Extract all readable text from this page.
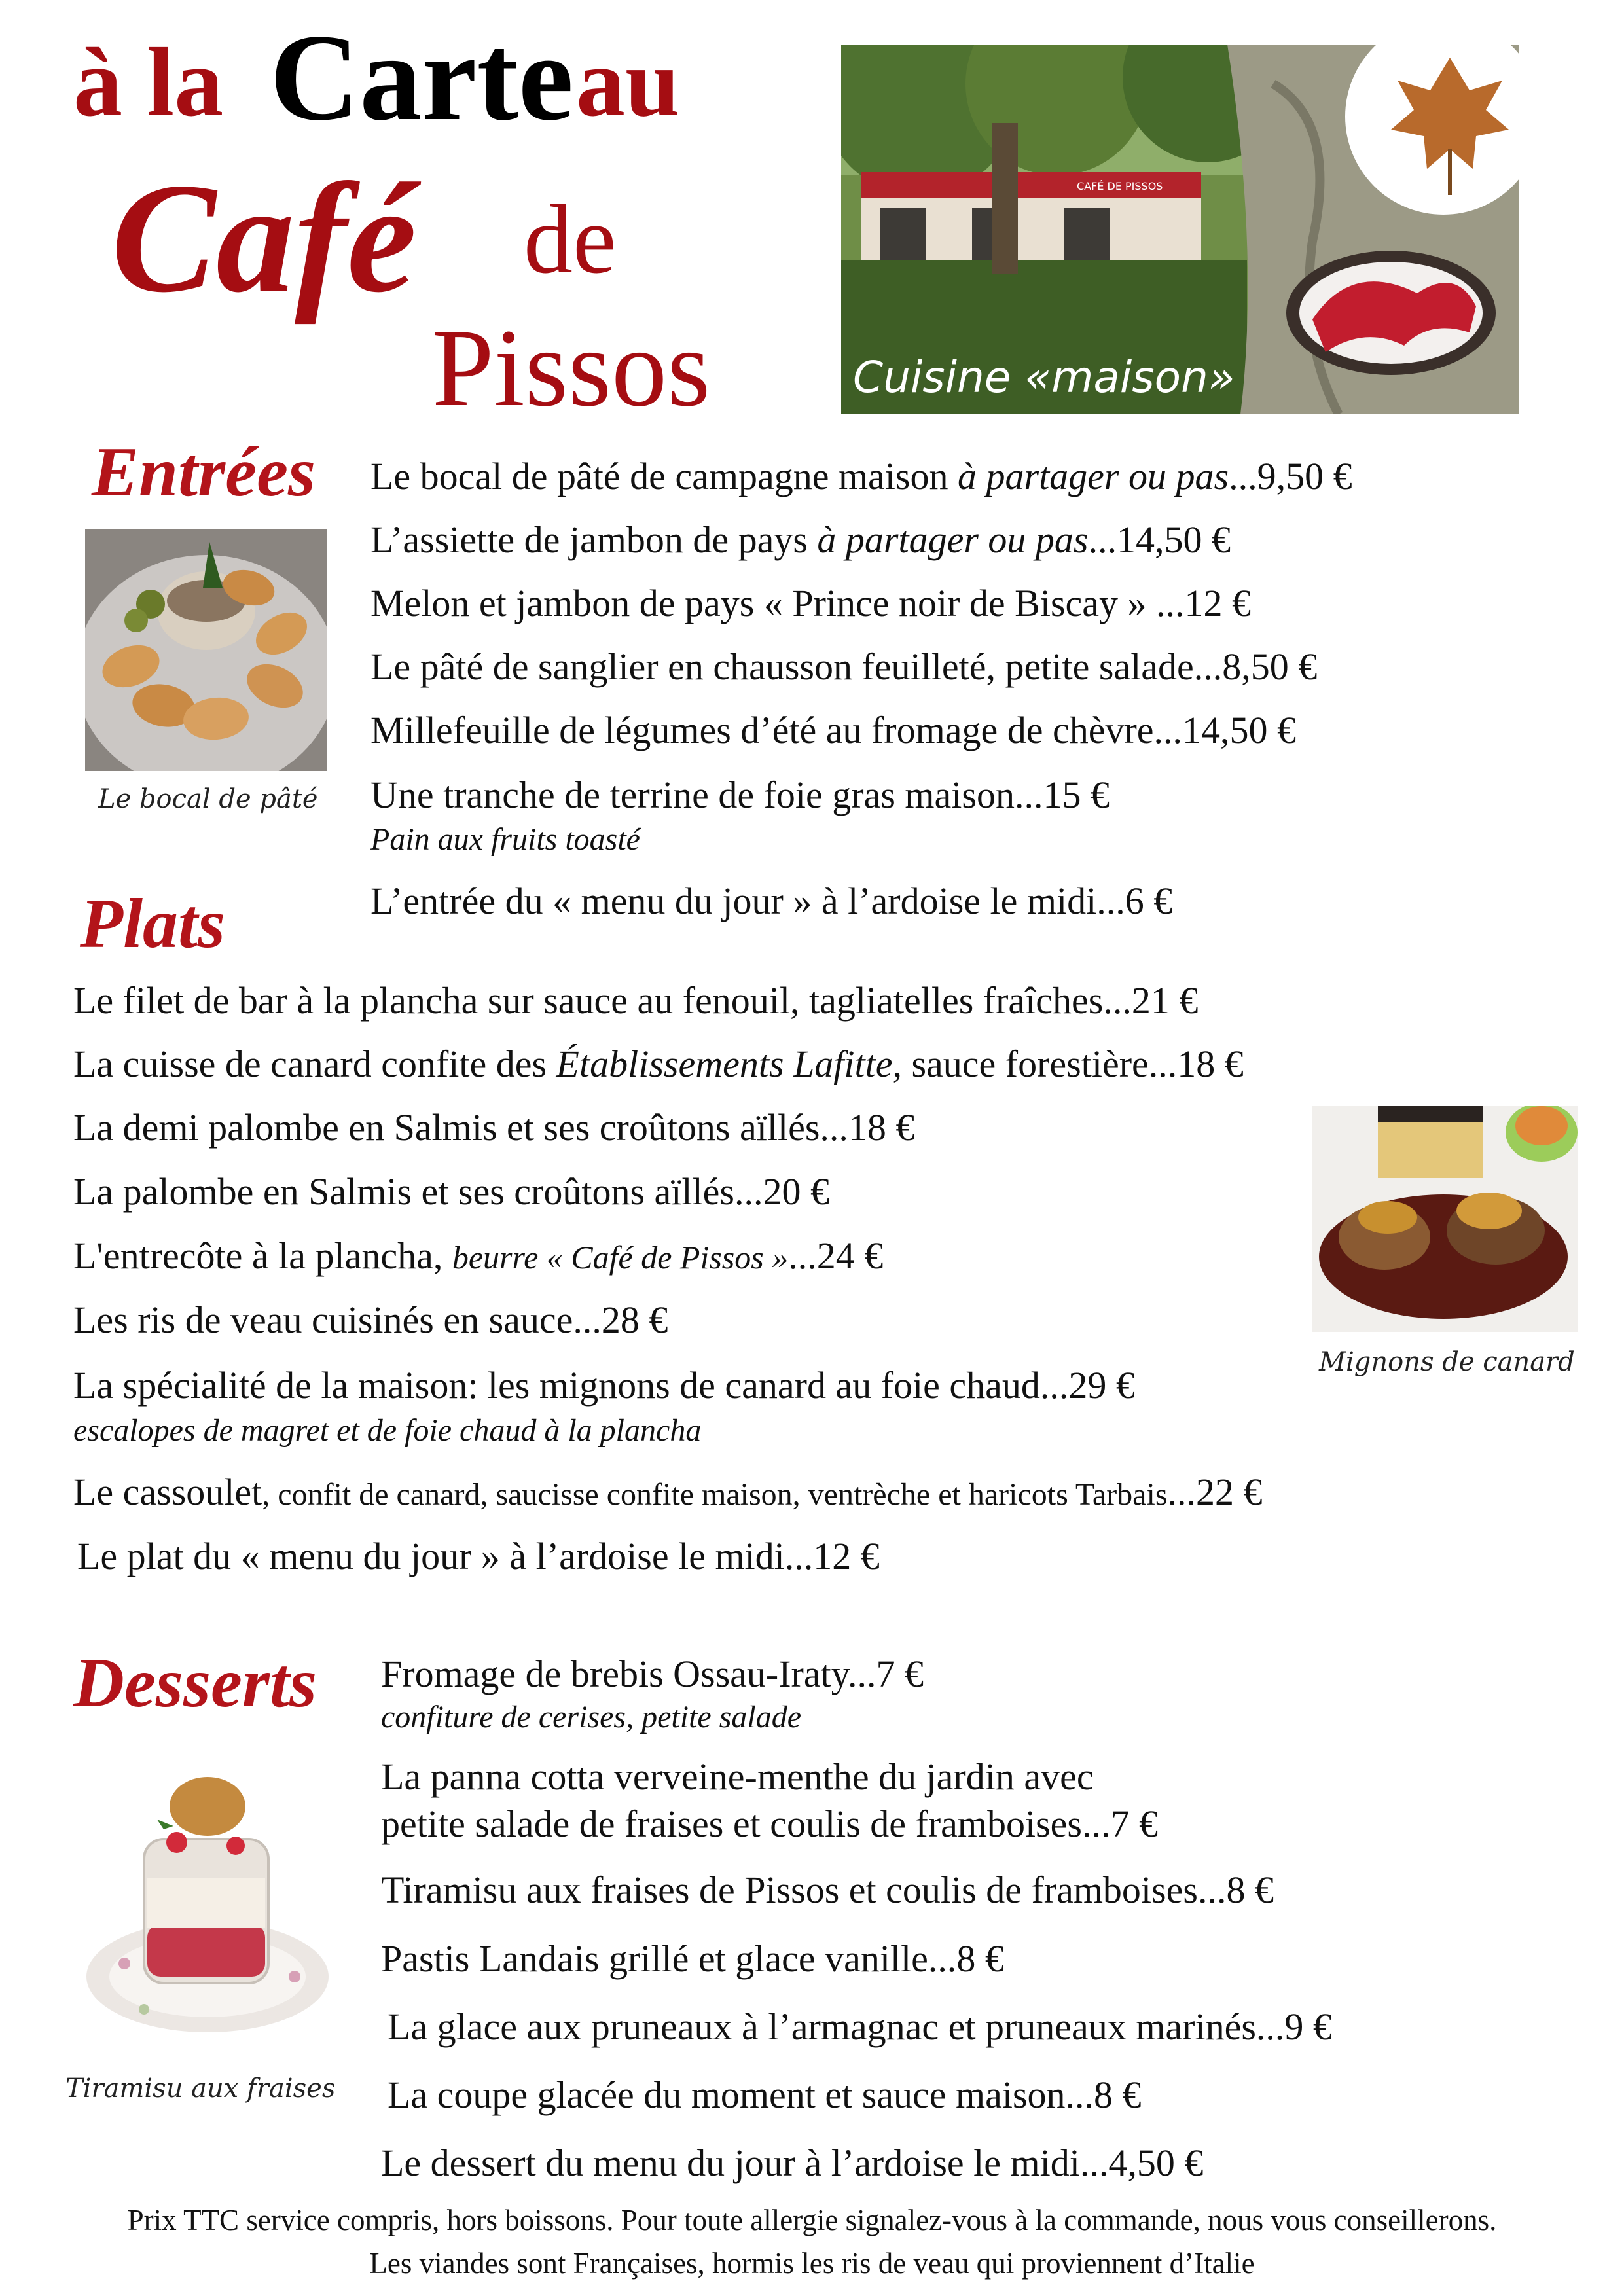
à la Carte au
Café de
Pissos
CAFÉ DE PISSOS
Cuisine «maison»
Entrées
Le bocal de pâté
Le bocal de pâté de campagne maison à partager ou pas...9,50 €
L’assiette de jambon de pays à partager ou pas...14,50 €
Melon et jambon de pays « Prince noir de Biscay » ...12 €
Le pâté de sanglier en chausson feuilleté, petite salade...8,50 €
Millefeuille de légumes d’été au fromage de chèvre...14,50 €
Une tranche de terrine de foie gras maison...15 €
Pain aux fruits toasté
L’entrée du « menu du jour » à l’ardoise le midi...6 €
Plats
Le filet de bar à la plancha sur sauce au fenouil, tagliatelles fraîches...21 €
La cuisse de canard confite des Établissements Lafitte, sauce forestière...18 €
La demi palombe en Salmis et ses croûtons aïllés...18 €
La palombe en Salmis et ses croûtons aïllés...20 €
L'entrecôte à la plancha, beurre « Café de Pissos »...24 €
Les ris de veau cuisinés en sauce...28 €
La spécialité de la maison: les mignons de canard au foie chaud...29 €
escalopes de magret et de foie chaud à la plancha
Le cassoulet, confit de canard, saucisse confite maison, ventrèche et haricots Tarbais...22 €
Le plat du « menu du jour » à l’ardoise le midi...12 €
Mignons de canard
Desserts
Tiramisu aux fraises
Fromage de brebis Ossau-Iraty...7 €
confiture de cerises, petite salade
La panna cotta verveine-menthe du jardin avec
petite salade de fraises et coulis de framboises...7 €
Tiramisu aux fraises de Pissos et coulis de framboises...8 €
Pastis Landais grillé et glace vanille...8 €
La glace aux pruneaux à l’armagnac et pruneaux marinés...9 €
La coupe glacée du moment et sauce maison...8 €
Le dessert du menu du jour à l’ardoise le midi...4,50 €
Prix TTC service compris, hors boissons. Pour toute allergie signalez-vous à la commande, nous vous conseillerons.
Les viandes sont Françaises, hormis les ris de veau qui proviennent d’Italie
